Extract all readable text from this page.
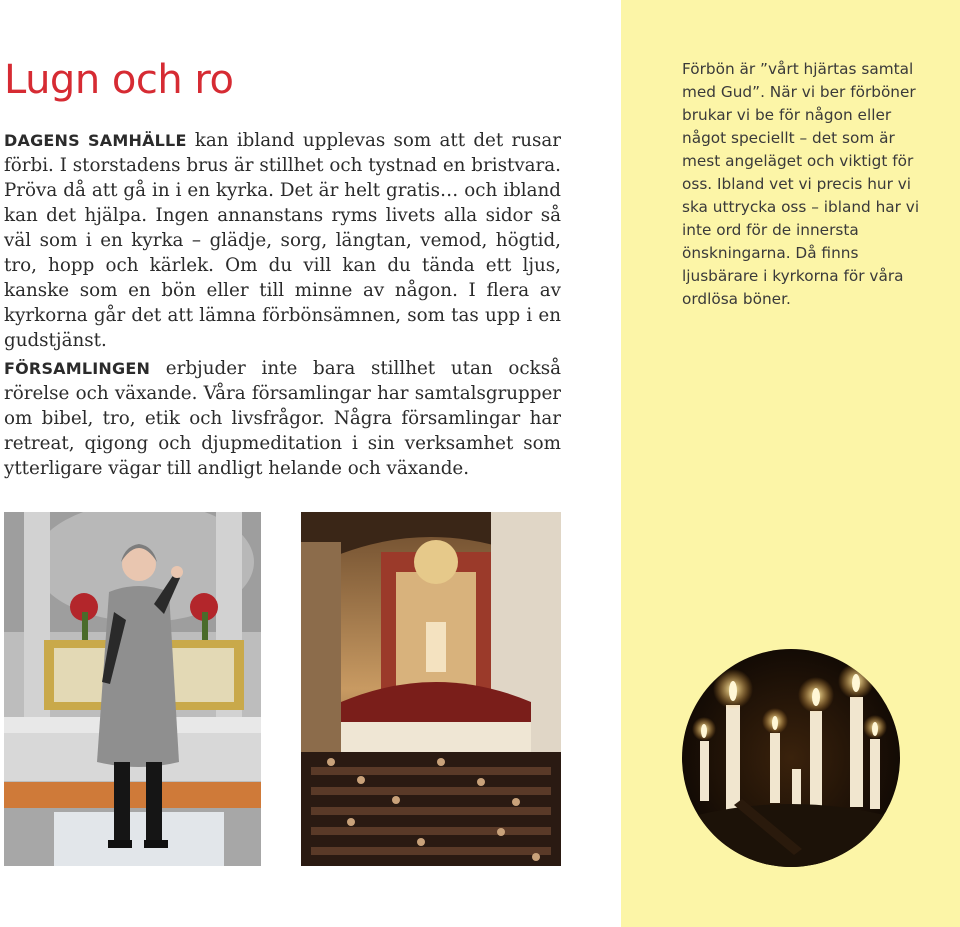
Lugn och ro

DAGENS SAMHÄLLE kan ibland upplevas som att det rusar förbi. I storstadens brus är stillhet och tystnad en bristvara. Pröva då att gå in i en kyrka. Det är helt gratis… och ibland kan det hjälpa. Ingen annanstans ryms livets alla sidor så väl som i en kyrka – glädje, sorg, längtan, vemod, högtid, tro, hopp och kärlek. Om du vill kan du tända ett ljus, kanske som en bön eller till minne av någon. I flera av kyrkorna går det att lämna förbönsämnen, som tas upp i en gudstjänst.

FÖRSAMLINGEN erbjuder inte bara stillhet utan också rörelse och växande. Våra församlingar har samtalsgrupper om bibel, tro, etik och livsfrågor. Några församlingar har retreat, qigong och djupmeditation i sin verksamhet som ytterligare vägar till andligt helande och växande.

Förbön är ”vårt hjärtas samtal med Gud”. När vi ber förböner brukar vi be för någon eller något speciellt – det som är mest angeläget och viktigt för oss. Ibland vet vi precis hur vi ska uttrycka oss – ibland har vi inte ord för de innersta önskningarna. Då finns ljusbärare i kyrkorna för våra ordlösa böner.
